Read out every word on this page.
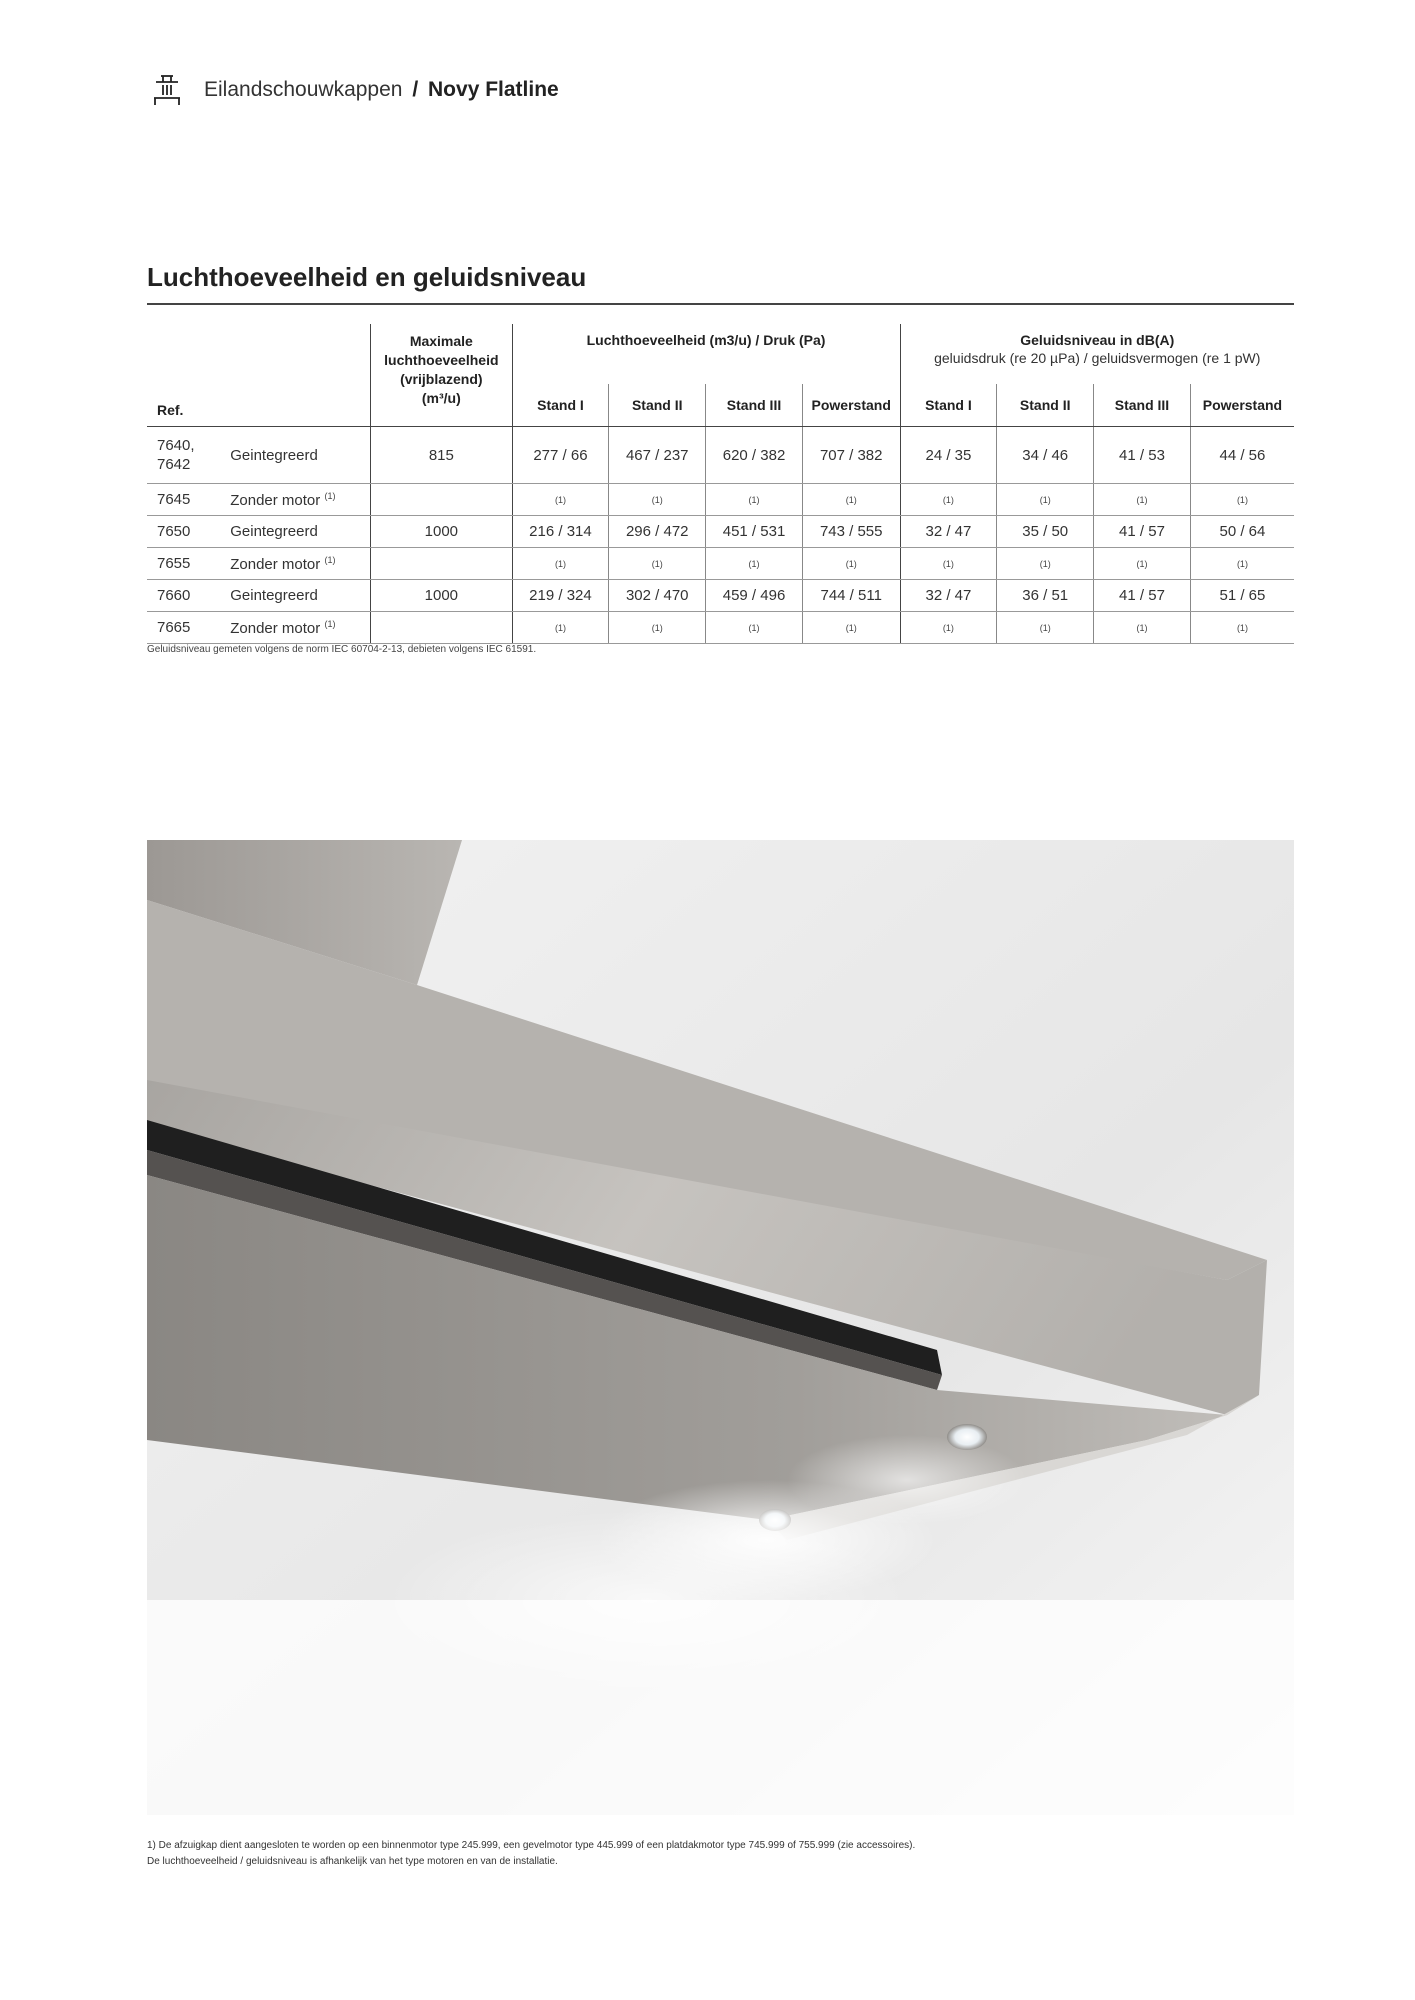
Eilandschouwkappen / Novy Flatline
Luchthoeveelheid en geluidsniveau
Ref.		Maximale
luchthoeveelheid
(vrijblazend)
(m³/u)	Luchthoeveelheid (m3/u) / Druk (Pa)				Geluidsniveau in dB(A)
geluidsdruk (re 20 µPa) / geluidsvermogen (re 1 pW)			

			Stand I	Stand II	Stand III	Powerstand	Stand I	Stand II	Stand III	Powerstand
7640,
7642	Geintegreerd	815	277 / 66	467 / 237	620 / 382	707 / 382	24 / 35	34 / 46	41 / 53	44 / 56
7645	Zonder motor $^{(1)}$		(1)	(1)	(1)	(1)	(1)	(1)	(1)	(1)
7650	Geintegreerd	1000	216 / 314	296 / 472	451 / 531	743 / 555	32 / 47	35 / 50	41 / 57	50 / 64
7655	Zonder motor $^{(1)}$		(1)	(1)	(1)	(1)	(1)	(1)	(1)	(1)
7660	Geintegreerd	1000	219 / 324	302 / 470	459 / 496	744 / 511	32 / 47	36 / 51	41 / 57	51 / 65
7665	Zonder motor $^{(1)}$		(1)	(1)	(1)	(1)	(1)	(1)	(1)	(1)
Geluidsniveau gemeten volgens de norm IEC 60704-2-13, debieten volgens IEC 61591.
1) De afzuigkap dient aangesloten te worden op een binnenmotor type 245.999, een gevelmotor type 445.999 of een platdakmotor type 745.999 of 755.999 (zie accessoires).
De luchthoeveelheid / geluidsniveau is afhankelijk van het type motoren en van de installatie.
